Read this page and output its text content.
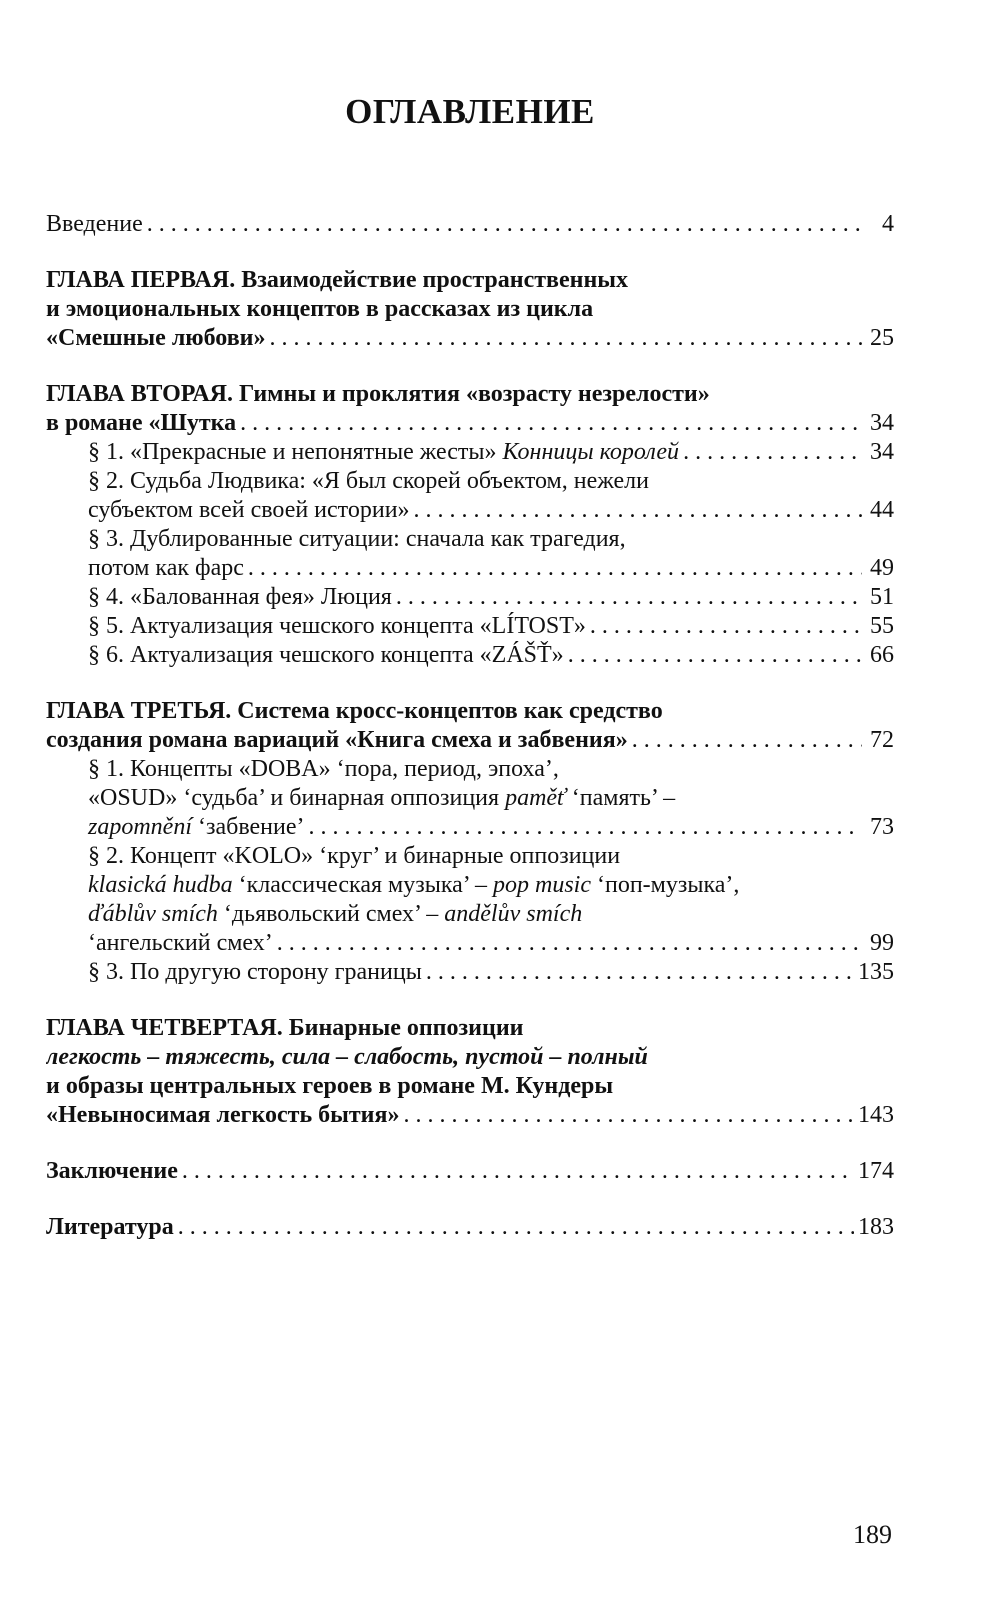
ОГЛАВЛЕНИЕ
Введение . . .	4
ГЛАВА ПЕРВАЯ. Взаимодействие пространственных
и эмоциональных концептов в рассказах из цикла
«Смешные любови» . . .	25
ГЛАВА ВТОРАЯ. Гимны и проклятия «возрасту незрелости»
в романе «Шутка . . .	34
§ 1. «Прекрасные и непонятные жесты» Конницы королей . . .	34
§ 2. Судьба Людвика: «Я был скорей объектом, нежели
субъектом всей своей истории» . . .	44
§ 3. Дублированные ситуации: сначала как трагедия,
потом как фарс . . .	49
§ 4. «Балованная фея» Люция . . .	51
§ 5. Актуализация чешского концепта «LÍTOST» . . .	55
§ 6. Актуализация чешского концепта «ZÁŠŤ» . . .	66
ГЛАВА ТРЕТЬЯ. Система кросс-концептов как средство
создания романа вариаций «Книга смеха и забвения» . . .	72
§ 1. Концепты «DOBA» ‘пора, период, эпоха’,
«OSUD» ‘судьба’ и бинарная оппозиция paměť ‘память’ –
zapomnění ‘забвение’ . . .	73
§ 2. Концепт «KOLO» ‘круг’ и бинарные оппозиции
klasická hudba ‘классическая музыка’ – pop music ‘поп-музыка’,
ďáblův smích ‘дьявольский смех’ – andělův smích
‘ангельский смех’ . . .	99
§ 3. По другую сторону границы . . .	135
ГЛАВА ЧЕТВЕРТАЯ. Бинарные оппозиции
легкость – тяжесть, сила – слабость, пустой – полный
и образы центральных героев в романе М. Кундеры
«Невыносимая легкость бытия» . . .	143
Заключение . . .	174
Литература . . .	183
189
